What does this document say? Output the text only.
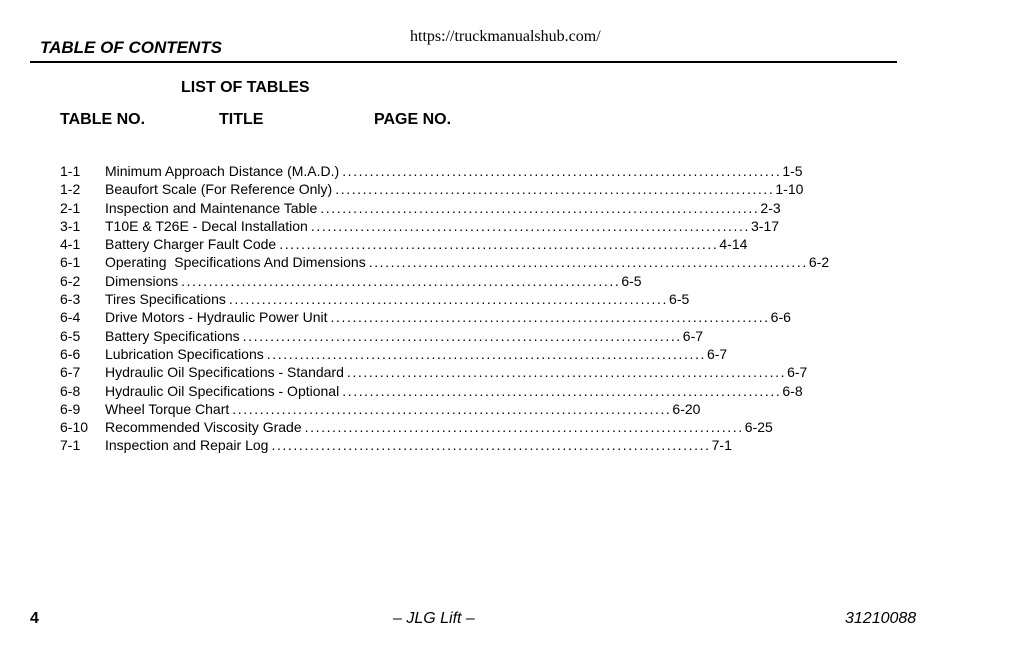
https://truckmanualshub.com/
TABLE OF CONTENTS
LIST OF TABLES
TABLE NO.	TITLE	PAGE NO.
1-1	Minimum Approach Distance (M.A.D.) ................................................................................ 1-5
1-2	Beaufort Scale (For Reference Only) ................................................................................ 1-10
2-1	Inspection and Maintenance Table ................................................................................ 2-3
3-1	T10E & T26E - Decal Installation ................................................................................ 3-17
4-1	Battery Charger Fault Code ................................................................................ 4-14
6-1	Operating  Specifications And Dimensions ................................................................................ 6-2
6-2	Dimensions ................................................................................ 6-5
6-3	Tires Specifications ................................................................................ 6-5
6-4	Drive Motors - Hydraulic Power Unit ................................................................................ 6-6
6-5	Battery Specifications ................................................................................ 6-7
6-6	Lubrication Specifications ................................................................................ 6-7
6-7	Hydraulic Oil Specifications - Standard ................................................................................ 6-7
6-8	Hydraulic Oil Specifications - Optional ................................................................................ 6-8
6-9	Wheel Torque Chart ................................................................................ 6-20
6-10	Recommended Viscosity Grade ................................................................................ 6-25
7-1	Inspection and Repair Log ................................................................................ 7-1
4	– JLG Lift –	31210088
